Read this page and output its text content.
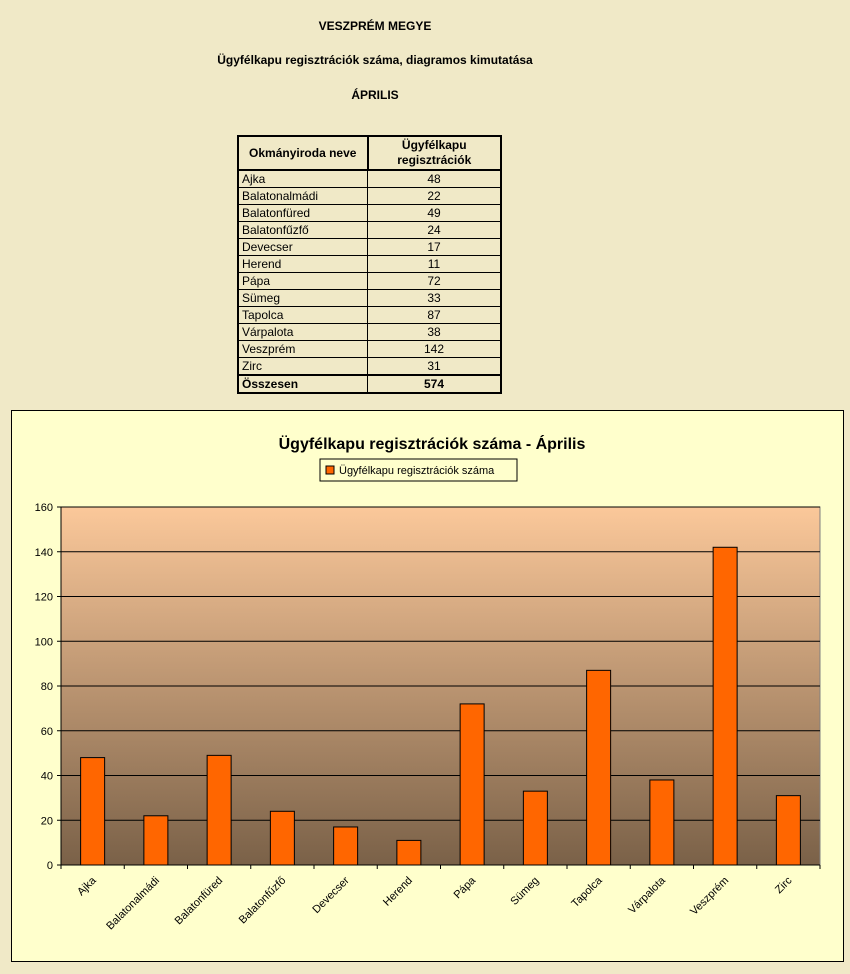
VESZPRÉM MEGYE
Ügyfélkapu regisztrációk száma, diagramos kimutatása
ÁPRILIS
Okmányiroda neve	Ügyfélkapu
regisztrációk
Ajka	48
Balatonalmádi	22
Balatonfüred	49
Balatonfűzfő	24
Devecser	17
Herend	11
Pápa	72
Sümeg	33
Tapolca	87
Várpalota	38
Veszprém	142
Zirc	31
Összesen	574
Ügyfélkapu regisztrációk száma - Április
Ügyfélkapu regisztrációk száma
0
20
40
60
80
100
120
140
160
Ajka Balatonalmádi Balatonfüred Balatonfűzfő Devecser	Herend	Pápa	Sümeg	Tapolca Várpalota Veszprém	Zirc
